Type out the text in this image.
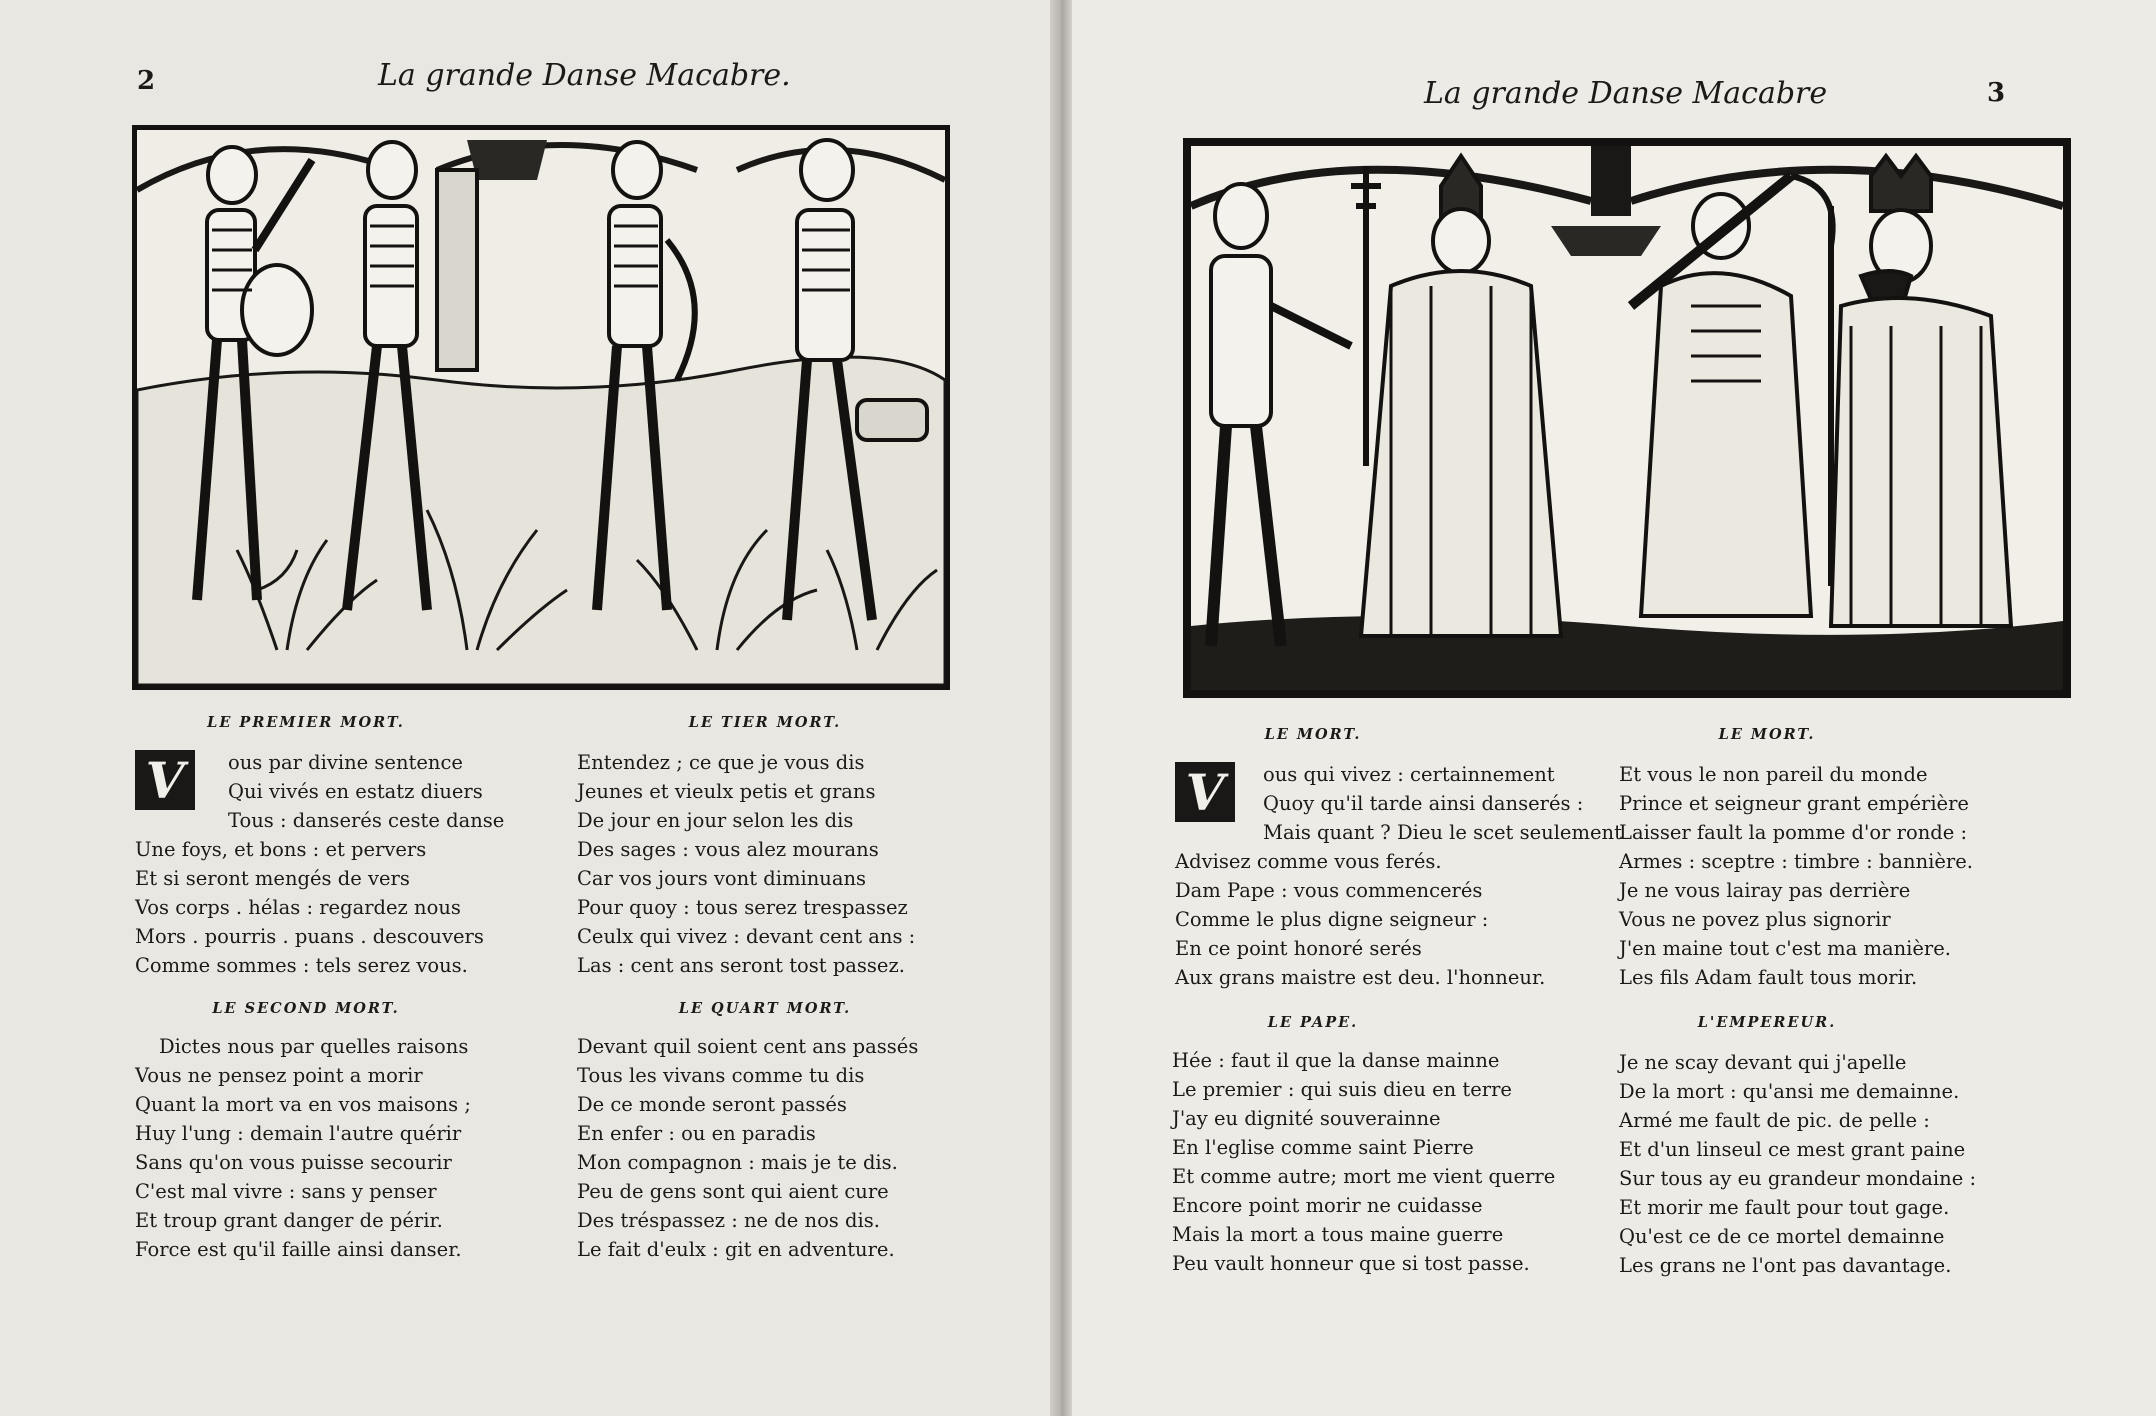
2	La grande Danse Macabre.
LE PREMIER MORT.
V	ous par divine sentence
Qui vivés en estatz diuers
Tous : danserés ceste danse
Une foys, et bons : et pervers
Et si seront mengés de vers
Vos corps . hélas : regardez nous
Mors . pourris . puans . descouvers
Comme sommes : tels serez vous.
LE TIER MORT.
Entendez ; ce que je vous dis
Jeunes et vieulx petis et grans
De jour en jour selon les dis
Des sages : vous alez mourans
Car vos jours vont diminuans
Pour quoy : tous serez trespassez
Ceulx qui vivez : devant cent ans :
Las : cent ans seront tost passez.
LE SECOND MORT.
Dictes nous par quelles raisons
Vous ne pensez point a morir
Quant la mort va en vos maisons ;
Huy l'ung : demain l'autre quérir
Sans qu'on vous puisse secourir
C'est mal vivre : sans y penser
Et troup grant danger de périr.
Force est qu'il faille ainsi danser.
LE QUART MORT.
Devant quil soient cent ans passés
Tous les vivans comme tu dis
De ce monde seront passés
En enfer : ou en paradis
Mon compagnon : mais je te dis.
Peu de gens sont qui aient cure
Des tréspassez : ne de nos dis.
Le fait d'eulx : git en adventure.
La grande Danse Macabre	3
LE MORT.
V	ous qui vivez : certainnement
Quoy qu'il tarde ainsi danserés :
Mais quant ? Dieu le scet seulement
Advisez comme vous ferés.
Dam Pape : vous commencerés
Comme le plus digne seigneur :
En ce point honoré serés
Aux grans maistre est deu. l'honneur.
LE MORT.
Et vous le non pareil du monde
Prince et seigneur grant empérière
Laisser fault la pomme d'or ronde :
Armes : sceptre : timbre : bannière.
Je ne vous lairay pas derrière
Vous ne povez plus signorir
J'en maine tout c'est ma manière.
Les fils Adam fault tous morir.
LE PAPE.
Hée : faut il que la danse mainne
Le premier : qui suis dieu en terre
J'ay eu dignité souverainne
En l'eglise comme saint Pierre
Et comme autre; mort me vient querre
Encore point morir ne cuidasse
Mais la mort a tous maine guerre
Peu vault honneur que si tost passe.
L'EMPEREUR.
Je ne scay devant qui j'apelle
De la mort : qu'ansi me demainne.
Armé me fault de pic. de pelle :
Et d'un linseul ce mest grant paine
Sur tous ay eu grandeur mondaine :
Et morir me fault pour tout gage.
Qu'est ce de ce mortel demainne
Les grans ne l'ont pas davantage.
